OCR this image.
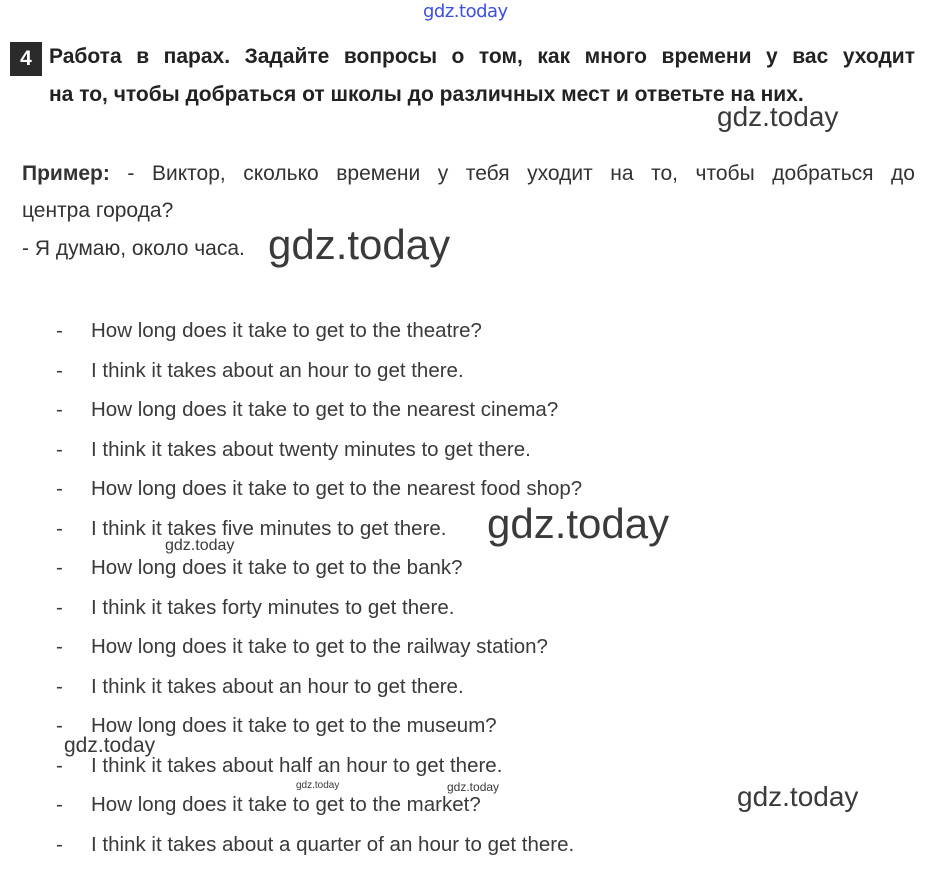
4 Работа в парах. Задайте вопросы о том, как много времени у вас уходит
на то, чтобы добраться от школы до различных мест и ответьте на них.
Пример: - Виктор, сколько времени у тебя уходит на то, чтобы добраться до
центра города?
- Я думаю, около часа.
- How long does it take to get to the theatre?
- I think it takes about an hour to get there.
- How long does it take to get to the nearest cinema?
- I think it takes about twenty minutes to get there.
- How long does it take to get to the nearest food shop?
- I think it takes five minutes to get there.
- How long does it take to get to the bank?
- I think it takes forty minutes to get there.
- How long does it take to get to the railway station?
- I think it takes about an hour to get there.
- How long does it take to get to the museum?
- I think it takes about half an hour to get there.
- How long does it take to get to the market?
- I think it takes about a quarter of an hour to get there.
gdz.today
gdz.today
gdz.today
gdz.today
gdz.today
gdz.today
gdz.today	gdz.today	gdz.today
